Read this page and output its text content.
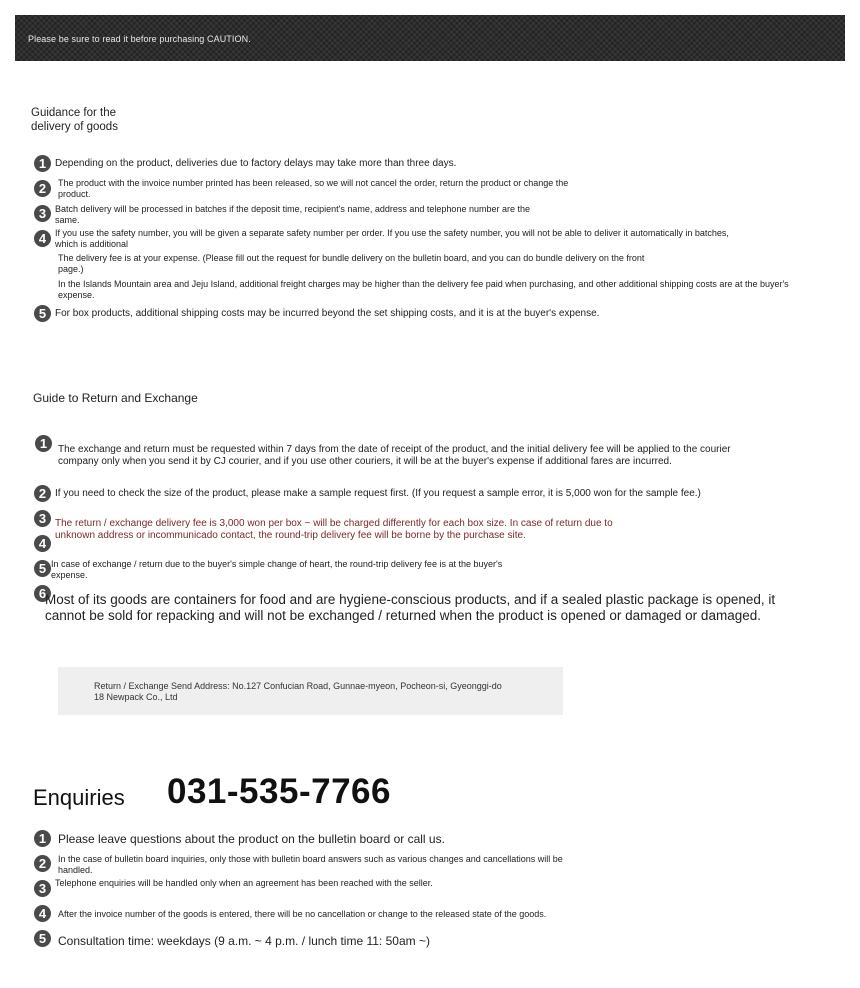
Please be sure to read it before purchasing CAUTION.
Guidance for the delivery of goods
1 Depending on the product, deliveries due to factory delays may take more than three days.
2	The product with the invoice number printed has been released, so we will not cancel the order, return the product or change the product.
3 Batch delivery will be processed in batches if the deposit time, recipient's name, address and telephone number are the same.
4 If you use the safety number, you will be given a separate safety number per order. If you use the safety number, you will not be able to deliver it automatically in batches, which is additional
The delivery fee is at your expense. (Please fill out the request for bundle delivery on the bulletin board, and you can do bundle delivery on the front page.)
In the Islands Mountain area and Jeju Island, additional freight charges may be higher than the delivery fee paid when purchasing, and other additional shipping costs are at the buyer's expense.
5 For box products, additional shipping costs may be incurred beyond the set shipping costs, and it is at the buyer's expense.
Guide to Return and Exchange
1	The exchange and return must be requested within 7 days from the date of receipt of the product, and the initial delivery fee will be applied to the courier company only when you send it by CJ courier, and if you use other couriers, it will be at the buyer's expense if additional fares are incurred.
2 If you need to check the size of the product, please make a sample request first. (If you request a sample error, it is 5,000 won for the sample fee.)
3 The return / exchange delivery fee is 3,000 won per box ~ will be charged differently for each box size. In case of return due to unknown address or incommunicado contact, the round-trip delivery fee will be borne by the purchase site.
4
5 In case of exchange / return due to the buyer's simple change of heart, the round-trip delivery fee is at the buyer's expense.
6
Most of its goods are containers for food and are hygiene-conscious products, and if a sealed plastic package is opened, it cannot be sold for repacking and will not be exchanged / returned when the product is opened or damaged or damaged.
Return / Exchange Send Address: No.127 Confucian Road, Gunnae-myeon, Pocheon-si, Gyeonggi-do
18 Newpack Co., Ltd
Enquiries 031-535-7766
1 Please leave questions about the product on the bulletin board or call us.
2	In the case of bulletin board inquiries, only those with bulletin board answers such as various changes and cancellations will be handled.
3 Telephone enquiries will be handled only when an agreement has been reached with the seller.
4	After the invoice number of the goods is entered, there will be no cancellation or change to the released state of the goods.
5 Consultation time: weekdays (9 a.m. ~ 4 p.m. / lunch time 11: 50am ~)
